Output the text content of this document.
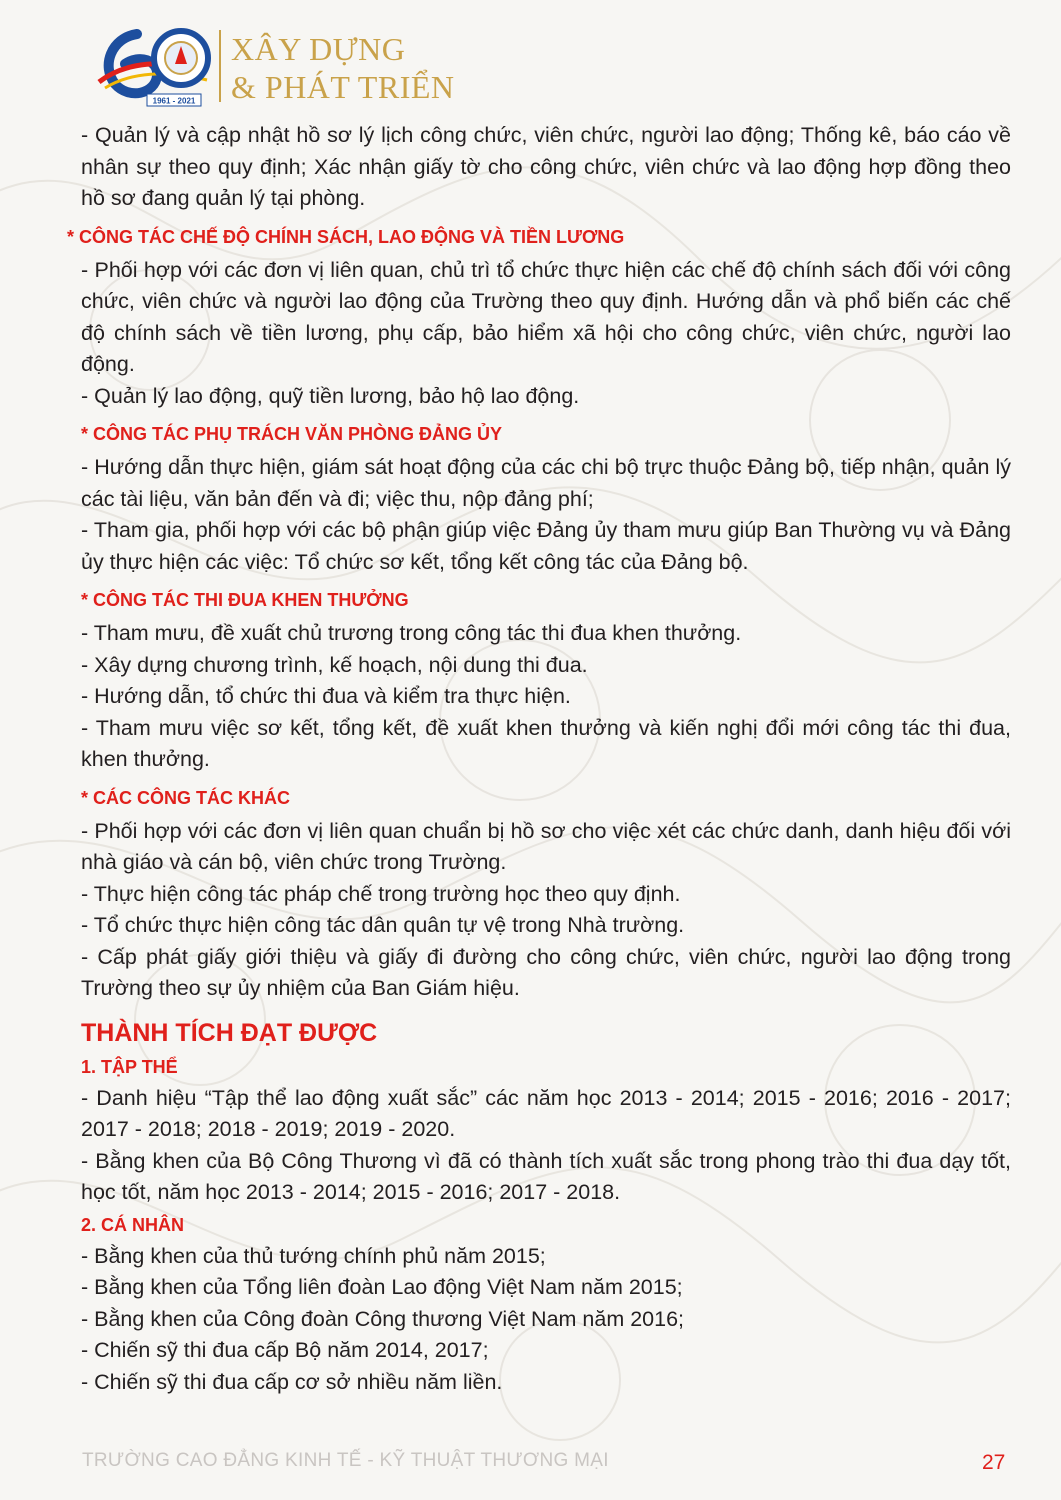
1961 - 2021
XÂY DỰNG
& PHÁT TRIỂN

- Quản lý và cập nhật hồ sơ lý lịch công chức, viên chức, người lao động; Thống kê, báo cáo về nhân sự theo quy định; Xác nhận giấy tờ cho công chức, viên chức và lao động hợp đồng theo hồ sơ đang quản lý tại phòng.

* CÔNG TÁC CHẾ ĐỘ CHÍNH SÁCH, LAO ĐỘNG VÀ TIỀN LƯƠNG

- Phối hợp với các đơn vị liên quan, chủ trì tổ chức thực hiện các chế độ chính sách đối với công chức, viên chức và người lao động của Trường theo quy định. Hướng dẫn và phổ biến các chế độ chính sách về tiền lương, phụ cấp, bảo hiểm xã hội cho công chức, viên chức, người lao động.

- Quản lý lao động, quỹ tiền lương, bảo hộ lao động.

* CÔNG TÁC PHỤ TRÁCH VĂN PHÒNG ĐẢNG ỦY

- Hướng dẫn thực hiện, giám sát hoạt động của các chi bộ trực thuộc Đảng bộ, tiếp nhận, quản lý các tài liệu, văn bản đến và đi; việc thu, nộp đảng phí;

- Tham gia, phối hợp với các bộ phận giúp việc Đảng ủy tham mưu giúp Ban Thường vụ và Đảng ủy thực hiện các việc: Tổ chức sơ kết, tổng kết công tác của Đảng bộ.

* CÔNG TÁC THI ĐUA KHEN THƯỞNG

- Tham mưu, đề xuất chủ trương trong công tác thi đua khen thưởng.

- Xây dựng chương trình, kế hoạch, nội dung thi đua.

- Hướng dẫn, tổ chức thi đua và kiểm tra thực hiện.

- Tham mưu việc sơ kết, tổng kết, đề xuất khen thưởng và kiến nghị đổi mới công tác thi đua, khen thưởng.

* CÁC CÔNG TÁC KHÁC

- Phối hợp với các đơn vị liên quan chuẩn bị hồ sơ cho việc xét các chức danh, danh hiệu đối với nhà giáo và cán bộ, viên chức trong Trường.

- Thực hiện công tác pháp chế trong trường học theo quy định.

- Tổ chức thực hiện công tác dân quân tự vệ trong Nhà trường.

- Cấp phát giấy giới thiệu và giấy đi đường cho công chức, viên chức, người lao động trong Trường theo sự ủy nhiệm của Ban Giám hiệu.

THÀNH TÍCH ĐẠT ĐƯỢC
1. TẬP THỂ

- Danh hiệu “Tập thể lao động xuất sắc” các năm học 2013 - 2014; 2015 - 2016; 2016 - 2017; 2017 - 2018; 2018 - 2019; 2019 - 2020.

- Bằng khen của Bộ Công Thương vì đã có thành tích xuất sắc trong phong trào thi đua dạy tốt, học tốt, năm học 2013 - 2014; 2015 - 2016; 2017 - 2018.

2. CÁ NHÂN

- Bằng khen của thủ tướng chính phủ năm 2015;

- Bằng khen của Tổng liên đoàn Lao động Việt Nam năm 2015;

- Bằng khen của Công đoàn Công thương Việt Nam năm 2016;

- Chiến sỹ thi đua cấp Bộ năm 2014, 2017;

- Chiến sỹ thi đua cấp cơ sở nhiều năm liền.

TRƯỜNG CAO ĐẲNG KINH TẾ - KỸ THUẬT THƯƠNG MẠI	27
